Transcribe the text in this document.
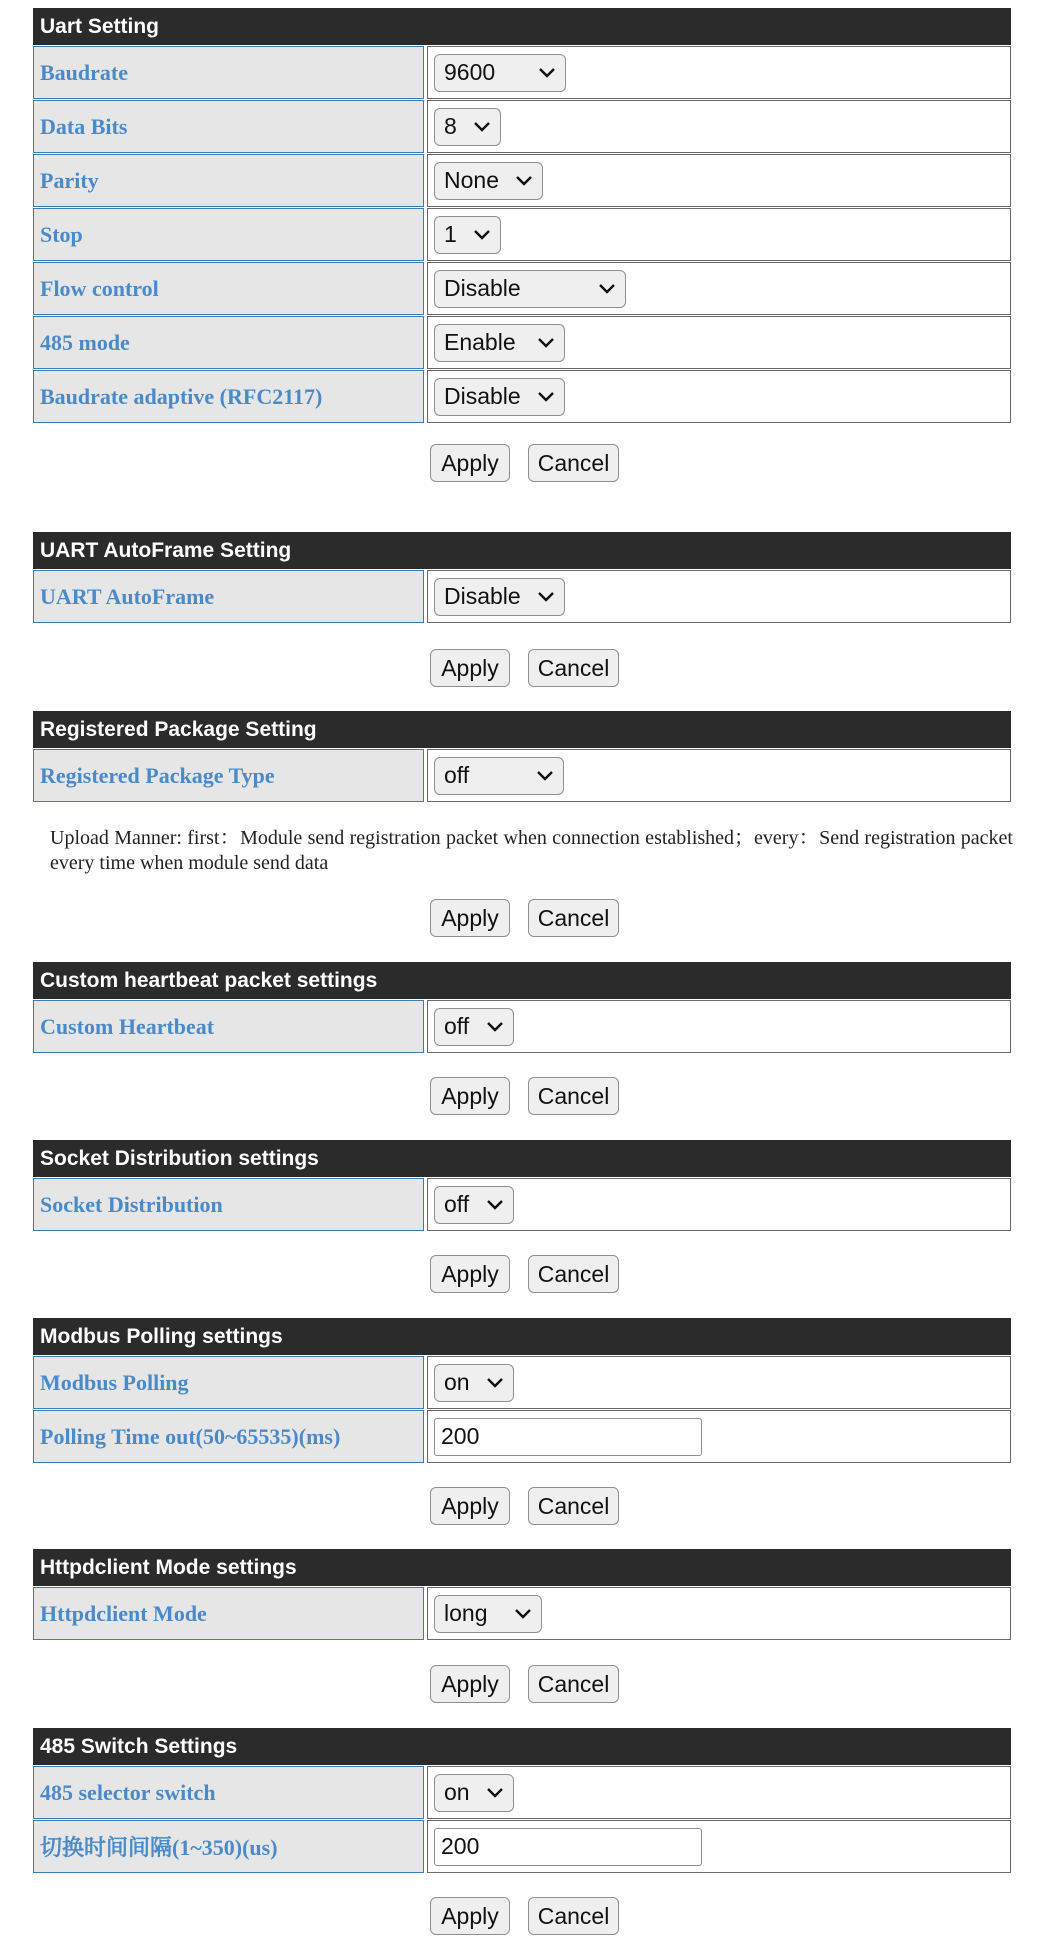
Uart Setting
Baudrate	9600
Data Bits	8
Parity	None
Stop	1
Flow control	Disable
485 mode	Enable
Baudrate adaptive (RFC2117)	Disable
Apply	Cancel
UART AutoFrame Setting
UART AutoFrame	Disable
Apply	Cancel
Registered Package Setting
Registered Package Type	off
Upload Manner: first：Module send registration packet when connection established；every：Send registration packet every time when module send data
Apply	Cancel
Custom heartbeat packet settings
Custom Heartbeat	off
Apply	Cancel
Socket Distribution settings
Socket Distribution	off
Apply	Cancel
Modbus Polling settings
Modbus Polling	on
Polling Time out(50~65535)(ms)	200
Apply	Cancel
Httpdclient Mode settings
Httpdclient Mode	long
Apply	Cancel
485 Switch Settings
485 selector switch	on
切换时间间隔(1~350)(us)	200
Apply	Cancel
